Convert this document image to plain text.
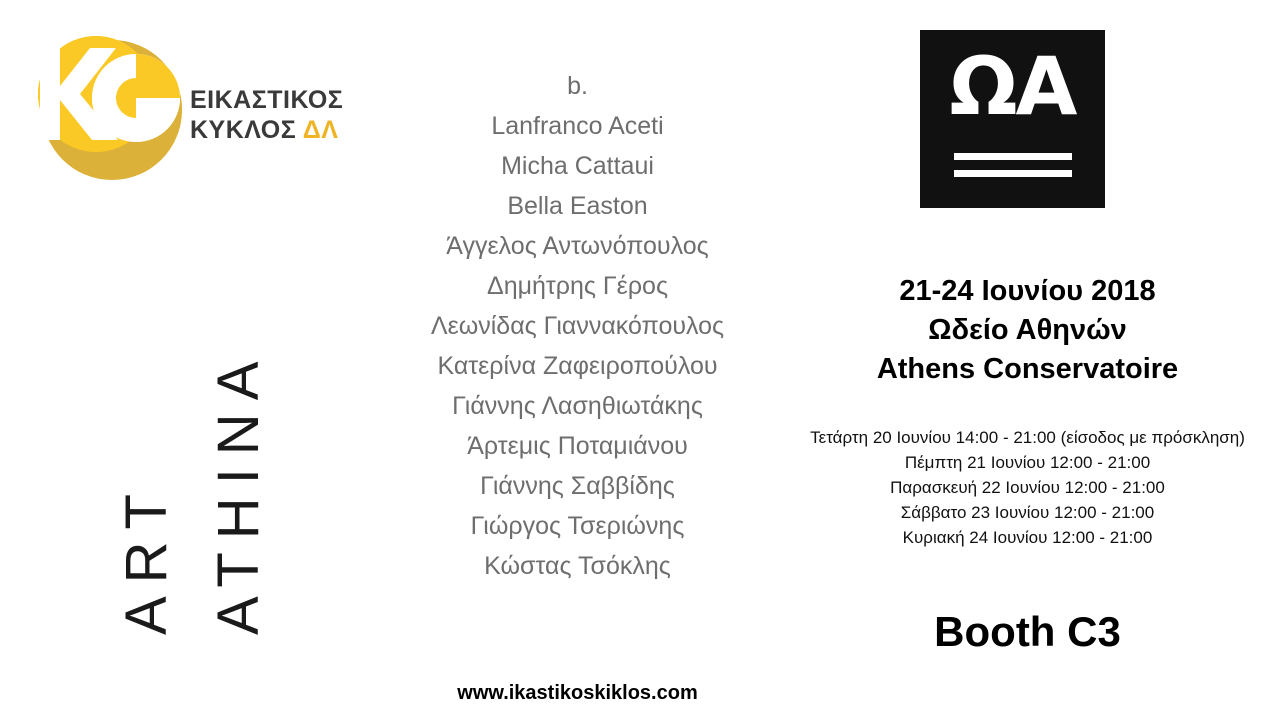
ΕΙΚΑΣΤΙΚΟΣ
ΚΥΚΛΟΣ ΔΛ
ART ATHINA
b.
Lanfranco Aceti
Micha Cattaui
Bella Easton
Άγγελος Αντωνόπουλος
Δημήτρης Γέρος
Λεωνίδας Γιαννακόπουλος
Κατερίνα Ζαφειροπούλου
Γιάννης Λασηθιωτάκης
Άρτεμις Ποταμιάνου
Γιάννης Σαββίδης
Γιώργος Τσεριώνης
Κώστας Τσόκλης
ΩΑ
21-24 Ιουνίου 2018
Ωδείο Αθηνών
Athens Conservatoire
Τετάρτη 20 Ιουνίου 14:00 - 21:00 (είσοδος με πρόσκληση)
Πέμπτη 21 Ιουνίου 12:00 - 21:00
Παρασκευή 22 Ιουνίου 12:00 - 21:00
Σάββατο 23 Ιουνίου 12:00 - 21:00
Κυριακή 24 Ιουνίου 12:00 - 21:00
Booth C3
www.ikastikoskiklos.com
